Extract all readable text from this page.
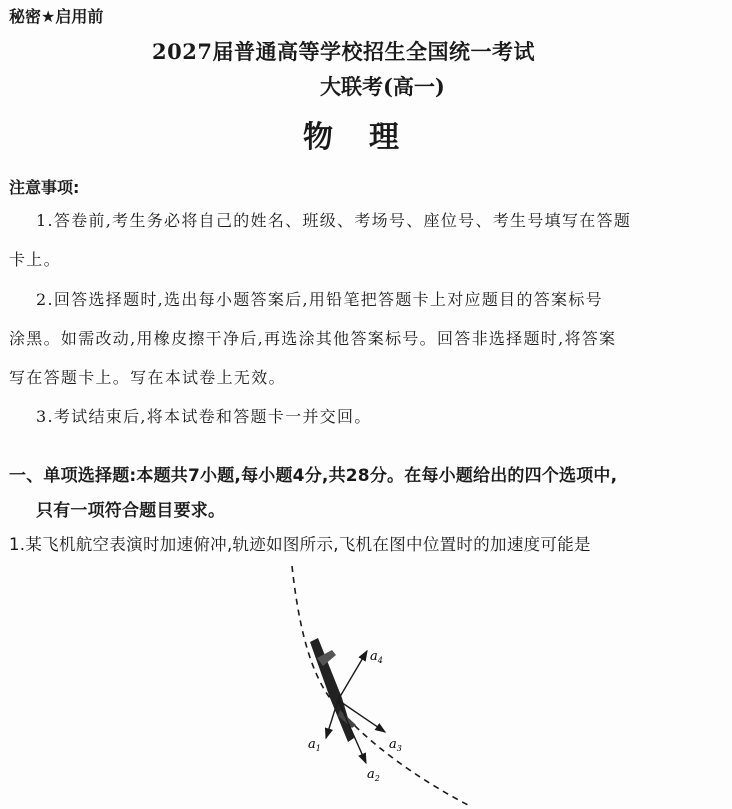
秘密★启用前
2027届普通高等学校招生全国统一考试
大联考(高一)
物理
注意事项:
1.答卷前,考生务必将自己的姓名、班级、考场号、座位号、考生号填写在答题
卡上。
2.回答选择题时,选出每小题答案后,用铅笔把答题卡上对应题目的答案标号
涂黑。如需改动,用橡皮擦干净后,再选涂其他答案标号。回答非选择题时,将答案
写在答题卡上。写在本试卷上无效。
3.考试结束后,将本试卷和答题卡一并交回。
一、单项选择题:本题共7小题,每小题4分,共28分。在每小题给出的四个选项中,
只有一项符合题目要求。
1.某飞机航空表演时加速俯冲,轨迹如图所示,飞机在图中位置时的加速度可能是
$a_4$
$a_1$
$a_2$
$a_3$
